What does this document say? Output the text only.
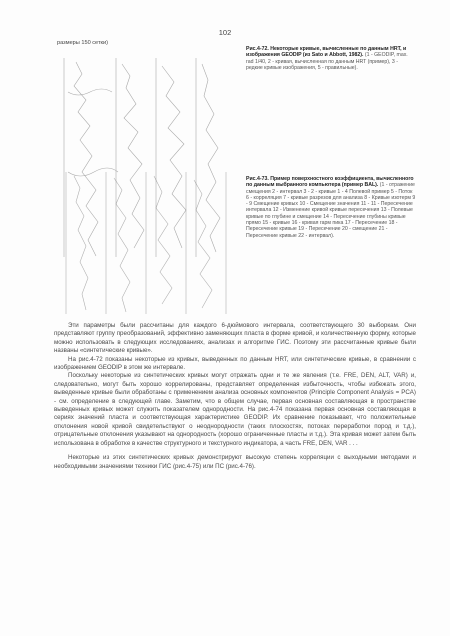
102
размеры 150 сетки)
Рис.4-72. Некоторые кривые, вычисленные по данным HRT, и изображения GEODIP (из Sato и Abbott, 1982). (1 - GEODIP, max. rad 1/40, 2 - кривая, вычисленная по данным HRT (пример), 3 - редкие кривые изображения, 5 - правильные).
Рис.4-73. Пример поверхностного коэффициента, вычисленного по данным выбранного компьютера (пример BAL). (1 - отражение смещения 2 - интервал 3 - 2 - кривые 1 - 4 Полевой пример 5 - Поток 6 - корреляция 7 - кривые разрезов для анализа 8 - Кривые изотерм 9 - 9 Смещение кривых 10 - Смещение значения 11 - 11 - Пересечение интервала 12 - Изменение кривой кривые пересечения 13 - Полевые кривые по глубине и смещение 14 - Пересечение глубины кривые прямо 15 - кривые 16 - кривая гарм пика 17 - Пересечение 18 - Пересечение кривые 19 - Пересечение 20 - смещение 21 - Пересечение кривые 22 - интервал).

Эти параметры были рассчитаны для каждого 6-дюймового интервала, соответствующего 30 выборкам. Они представляют группу преобразований, эффективно заменяющих пласта в форме кривой, и количественную форму, которые можно использовать в следующих исследованиях, анализах и алгоритме ГИС. Поэтому эти рассчитанные кривые были названы «синтетические кривые».

На рис.4-72 показаны некоторые из кривых, выведенных по данным HRT, или синтетические кривые, в сравнении с изображением GEODIP в этом же интервале.

Поскольку некоторые из синтетических кривых могут отражать одни и те же явления (т.е. FRE, DEN, ALT, VAR) и, следовательно, могут быть хорошо коррелированы, представляет определенная избыточность, чтобы избежать этого, выведенные кривые были обработаны с применением анализа основных компонентов (Principle Component Analysis = PCA) - см. определение в следующей главе. Заметим, что в общем случае, первая основная составляющая в пространстве выведенных кривых может служить показателем однородности. На рис.4-74 показана первая основная составляющая в сериях значений пласта и соответствующая характеристике GEODIP. Их сравнение показывает, что положительные отклонения новой кривой свидетельствуют о неоднородности (таких плоскостях, потоках переработки пород и т.д.), отрицательные отклонения указывают на однородность (хорошо ограниченные пласты и т.д.). Эта кривая может затем быть использована в обработке в качестве структурного и текстурного индикатора, а часть FRE, DEN, VAR . . .

Некоторые из этих синтетических кривых демонстрируют высокую степень корреляции с выходными методами и необходимыми значениями техники ГИС (рис.4-75) или ПС (рис.4-76).
